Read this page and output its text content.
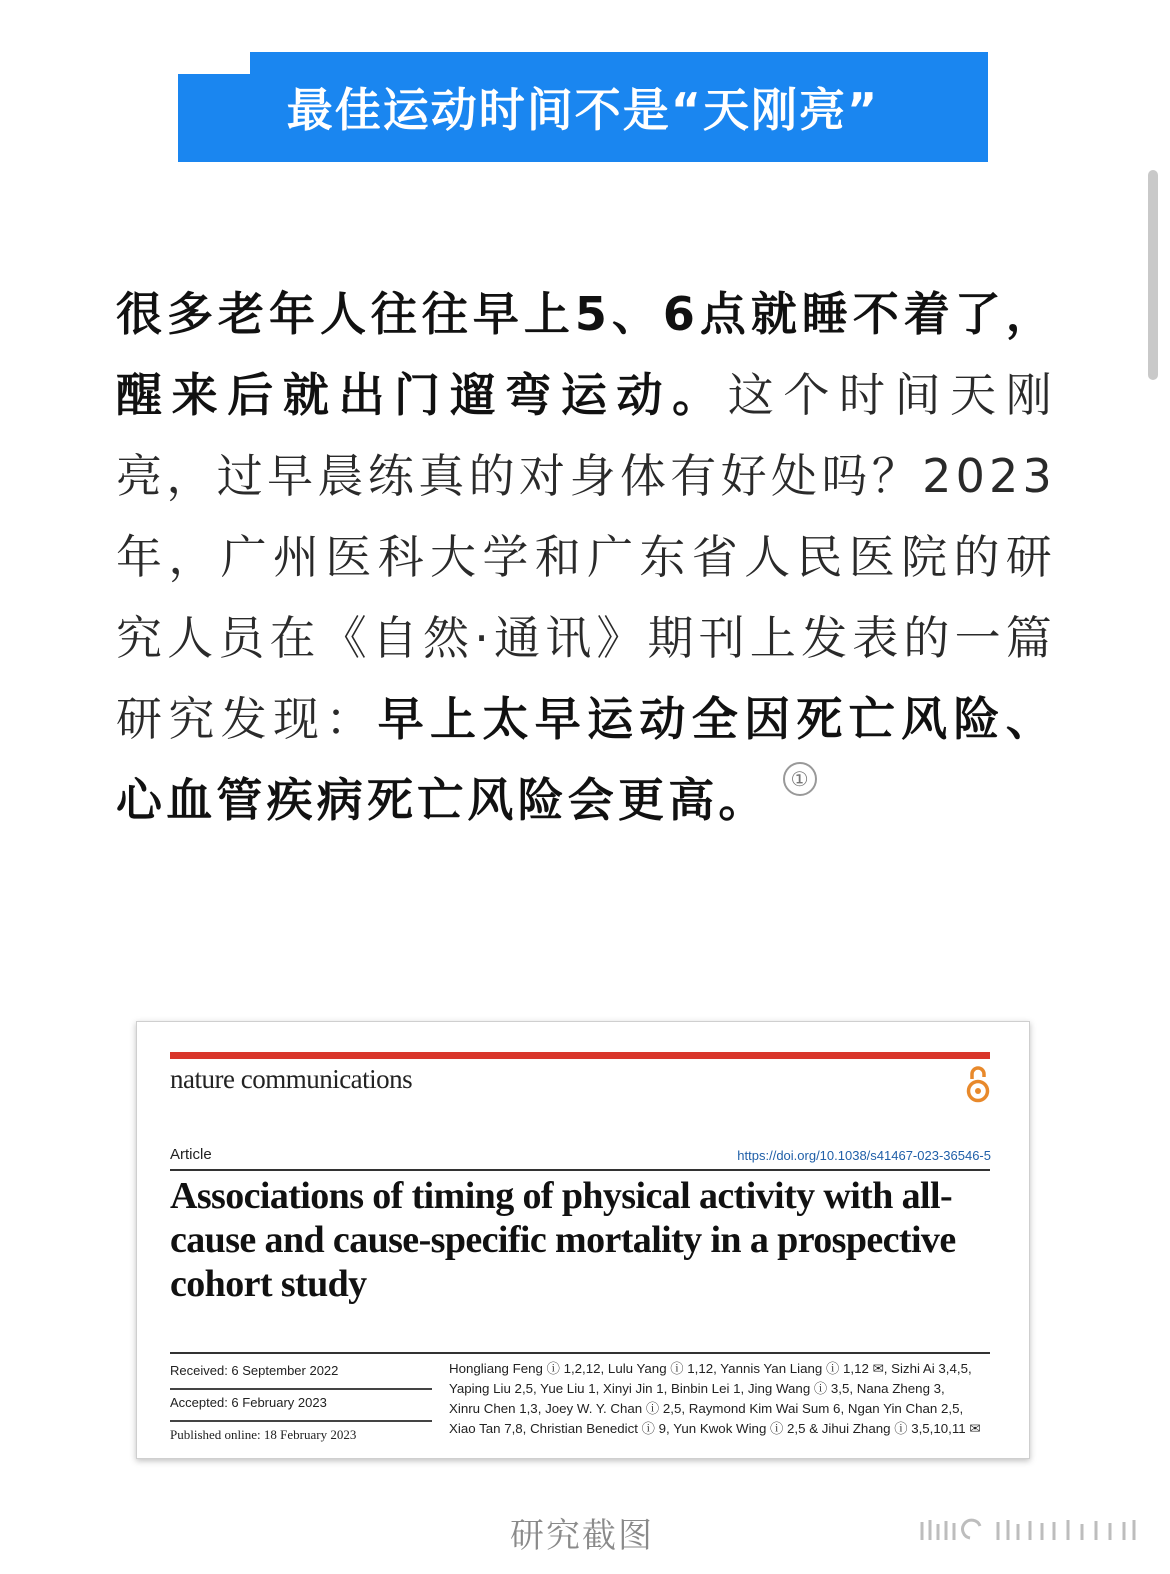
最佳运动时间不是“天刚亮”
很多老年人往往早上5、6点就睡不着了，醒来后就出门遛弯运动。这个时间天刚亮，过早晨练真的对身体有好处吗？2023年，广州医科大学和广东省人民医院的研究人员在《自然·通讯》期刊上发表的一篇研究发现：早上太早运动全因死亡风险、心血管疾病死亡风险会更高。 ①
nature communications
Article	https://doi.org/10.1038/s41467-023-36546-5
Associations of timing of physical activity with all-cause and cause-specific mortality in a prospective cohort study
Received: 6 September 2022
Accepted: 6 February 2023
Published online: 18 February 2023
Hongliang Feng ⓘ 1,2,12, Lulu Yang ⓘ 1,12, Yannis Yan Liang ⓘ 1,12 ✉, Sizhi Ai 3,4,5,
Yaping Liu 2,5, Yue Liu 1, Xinyi Jin 1, Binbin Lei 1, Jing Wang ⓘ 3,5, Nana Zheng 3,
Xinru Chen 1,3, Joey W. Y. Chan ⓘ 2,5, Raymond Kim Wai Sum 6, Ngan Yin Chan 2,5,
Xiao Tan 7,8, Christian Benedict ⓘ 9, Yun Kwok Wing ⓘ 2,5 & Jihui Zhang ⓘ 3,5,10,11 ✉
研究截图
